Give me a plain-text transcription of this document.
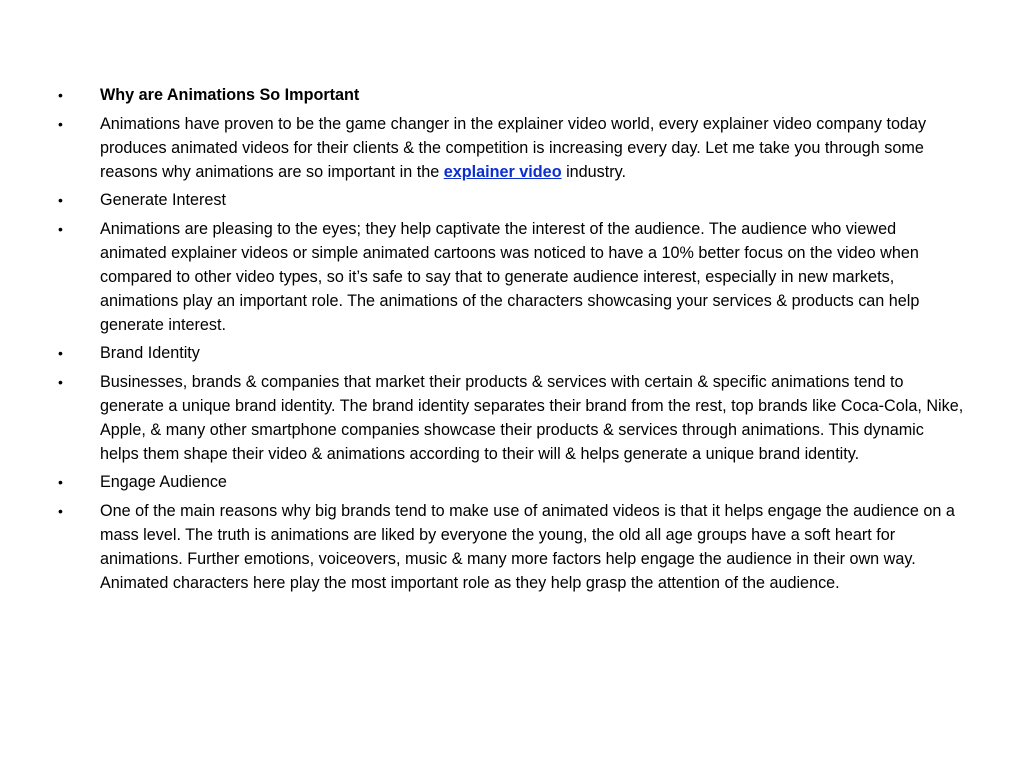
•	Why are Animations So Important
•	Animations have proven to be the game changer in the explainer video world, every explainer video company today produces animated videos for their clients & the competition is increasing every day. Let me take you through some reasons why animations are so important in the explainer video industry.
•	Generate Interest
•	Animations are pleasing to the eyes; they help captivate the interest of the audience. The audience who viewed animated explainer videos or simple animated cartoons was noticed to have a 10% better focus on the video when compared to other video types, so it’s safe to say that to generate audience interest, especially in new markets, animations play an important role. The animations of the characters showcasing your services & products can help generate interest.
•	Brand Identity
•	Businesses, brands & companies that market their products & services with certain & specific animations tend to generate a unique brand identity. The brand identity separates their brand from the rest, top brands like Coca-Cola, Nike, Apple, & many other smartphone companies showcase their products & services through animations. This dynamic helps them shape their video & animations according to their will & helps generate a unique brand identity.
•	Engage Audience
•	One of the main reasons why big brands tend to make use of animated videos is that it helps engage the audience on a mass level. The truth is animations are liked by everyone the young, the old all age groups have a soft heart for animations. Further emotions, voiceovers, music & many more factors help engage the audience in their own way. Animated characters here play the most important role as they help grasp the attention of the audience.
